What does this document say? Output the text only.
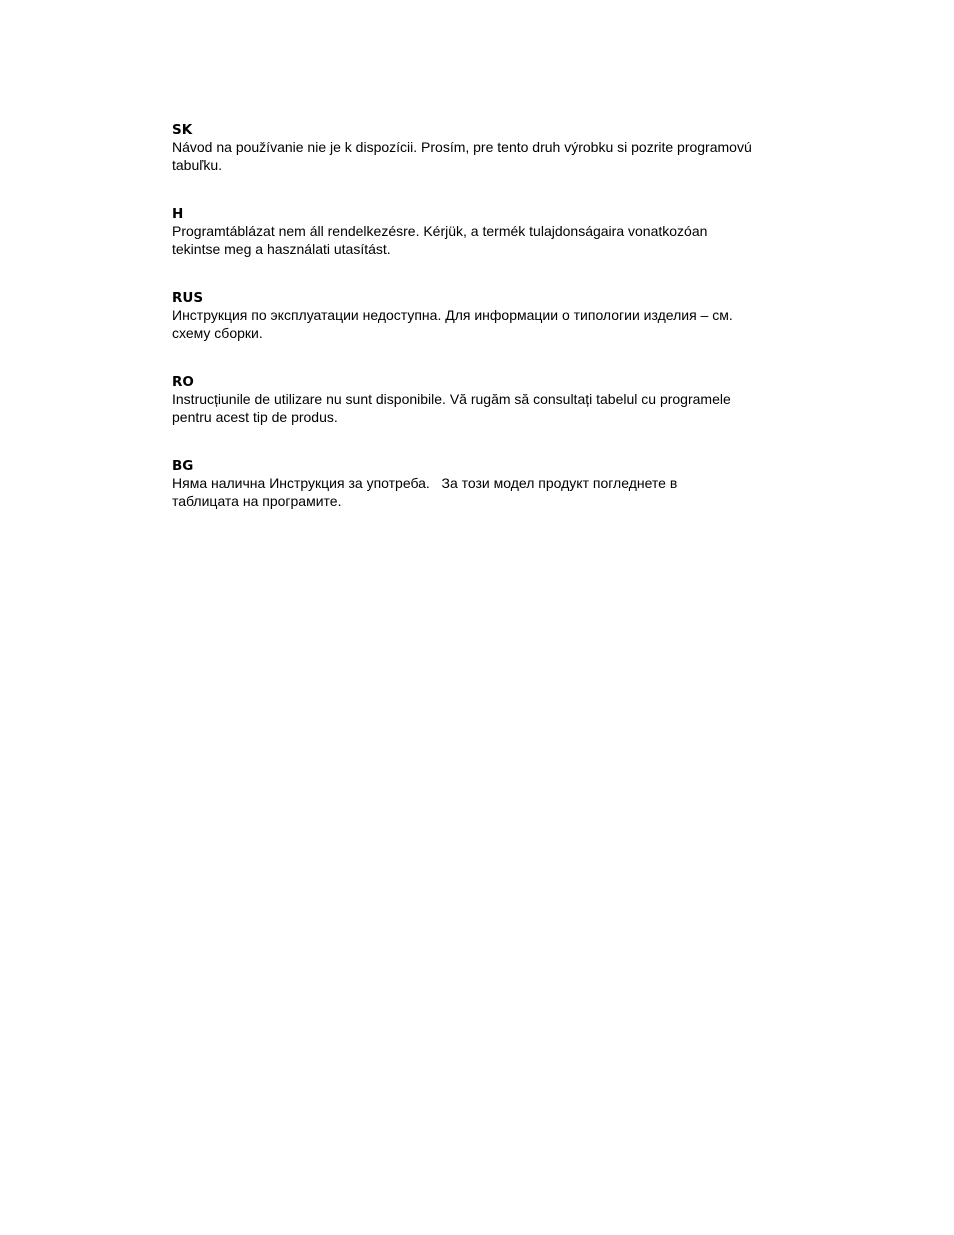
SK

Návod na používanie nie je k dispozícii. Prosím, pre tento druh výrobku si pozrite programovú tabuľku.

H

Programtáblázat nem áll rendelkezésre. Kérjük, a termék tulajdonságaira vonatkozóan
tekintse meg a használati utasítást.

RUS

Инструкция по эксплуатации недоступна. Для информации о типологии изделия – см.
схему сборки.

RO

Instrucțiunile de utilizare nu sunt disponibile. Vă rugăm să consultați tabelul cu programele
pentru acest tip de produs.

BG

Няма налична Инструкция за употреба.   За този модел продукт погледнете в
таблицата на програмите.
